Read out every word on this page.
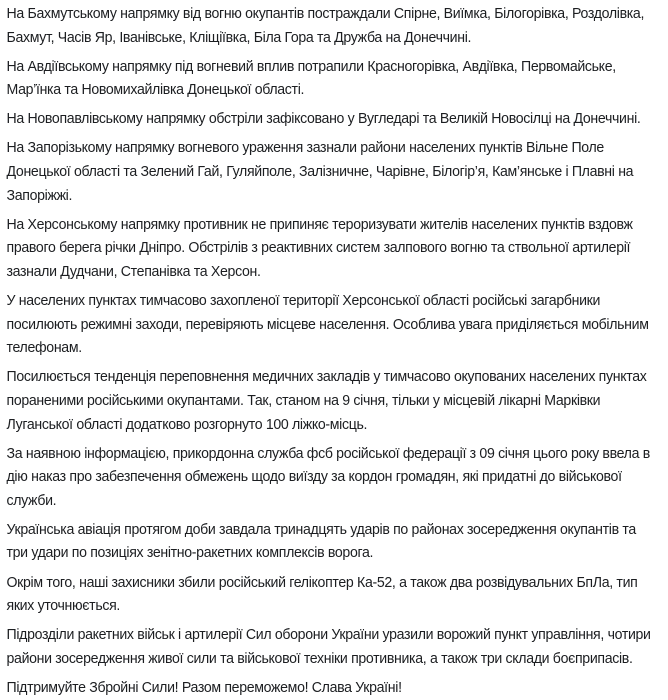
На Бахмутському напрямку від вогню окупантів постраждали Спірне, Виїмка, Білогорівка, Роздолівка, Бахмут, Часів Яр, Іванівське, Кліщіївка, Біла Гора та Дружба на Донеччині.

На Авдіївському напрямку під вогневий вплив потрапили Красногорівка, Авдіївка, Первомайське, Мар’їнка та Новомихайлівка Донецької області.

На Новопавлівському напрямку обстріли зафіксовано у Вугледарі та Великій Новосілці на Донеччині.

На Запорізькому напрямку вогневого ураження зазнали райони населених пунктів Вільне Поле Донецької області та Зелений Гай, Гуляйполе, Залізничне, Чарівне, Білогір’я, Кам’янське і Плавні на Запоріжжі.

На Херсонському напрямку противник не припиняє тероризувати жителів населених пунктів вздовж правого берега річки Дніпро. Обстрілів з реактивних систем залпового вогню та ствольної артилерії зазнали Дудчани, Степанівка та Херсон.

У населених пунктах тимчасово захопленої території Херсонської області російські загарбники посилюють режимні заходи, перевіряють місцеве населення. Особлива увага приділяється мобільним телефонам.

Посилюється тенденція переповнення медичних закладів у тимчасово окупованих населених пунктах пораненими російськими окупантами. Так, станом на 9 січня, тільки у місцевій лікарні Марківки Луганської області додатково розгорнуто 100 ліжко-місць.

За наявною інформацією, прикордонна служба фсб російської федерації з 09 січня цього року ввела в дію наказ про забезпечення обмежень щодо виїзду за кордон громадян, які придатні до військової служби.

Українська авіація протягом доби завдала тринадцять ударів по районах зосередження окупантів та три удари по позиціях зенітно-ракетних комплексів ворога.

Окрім того, наші захисники збили російський гелікоптер Ка-52, а також два розвідувальних БпЛа, тип яких уточнюється.

Підрозділи ракетних військ і артилерії Сил оборони України уразили ворожий пункт управління, чотири райони зосередження живої сили та військової техніки противника, а також три склади боєприпасів.

Підтримуйте Збройні Сили! Разом переможемо! Слава Україні!
